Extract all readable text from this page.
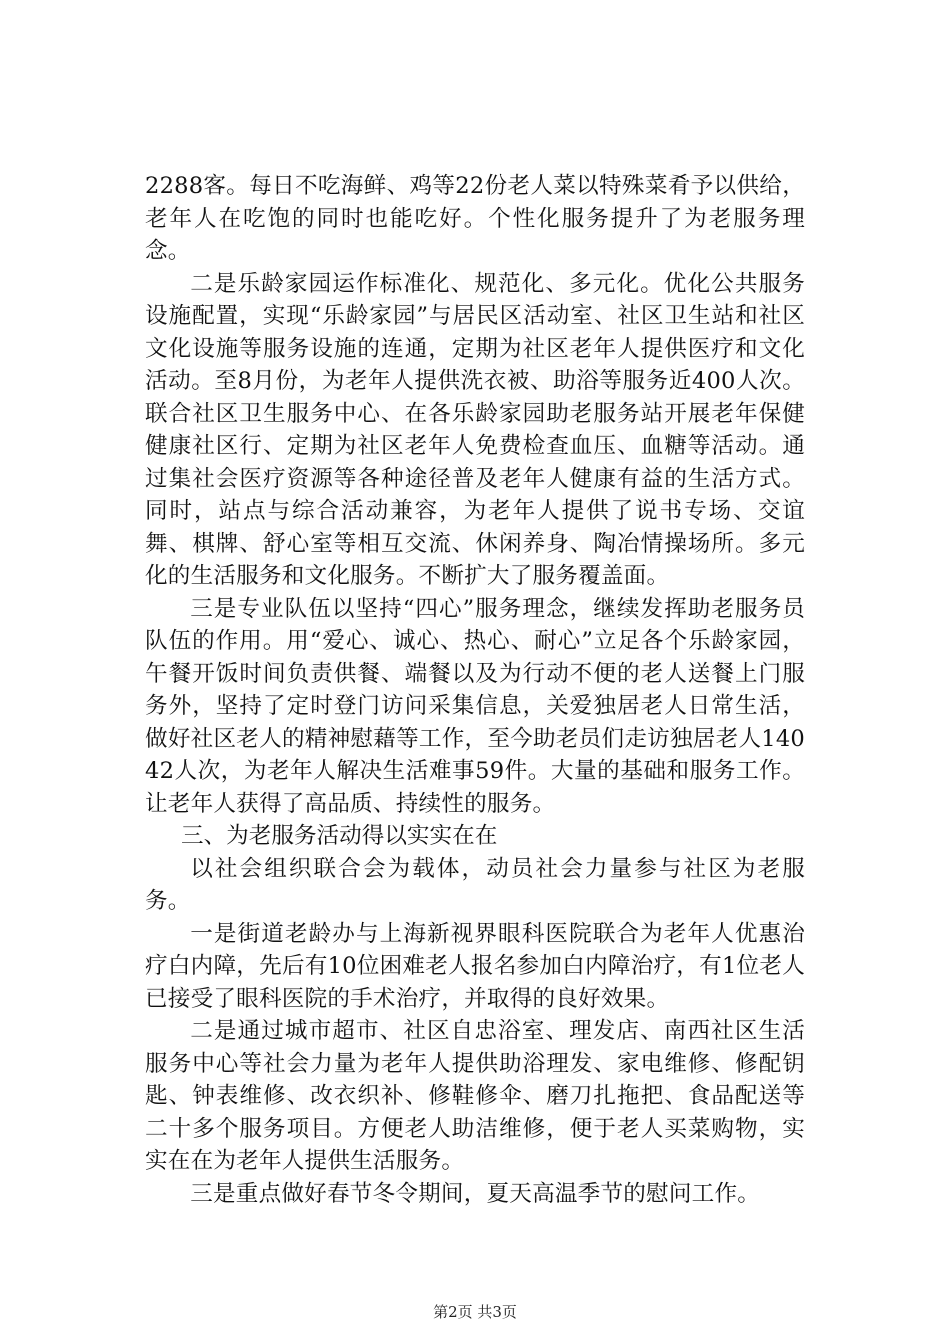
2288客。每日不吃海鲜、鸡等22份老人菜以特殊菜肴予以供给，老年人在吃饱的同时也能吃好。个性化服务提升了为老服务理念。

二是乐龄家园运作标准化、规范化、多元化。优化公共服务设施配置，实现“乐龄家园”与居民区活动室、社区卫生站和社区文化设施等服务设施的连通，定期为社区老年人提供医疗和文化活动。至8月份，为老年人提供洗衣被、助浴等服务近400人次。联合社区卫生服务中心、在各乐龄家园助老服务站开展老年保健健康社区行、定期为社区老年人免费检查血压、血糖等活动。通过集社会医疗资源等各种途径普及老年人健康有益的生活方式。同时，站点与综合活动兼容，为老年人提供了说书专场、交谊舞、棋牌、舒心室等相互交流、休闲养身、陶冶情操场所。多元化的生活服务和文化服务。不断扩大了服务覆盖面。

三是专业队伍以坚持“四心”服务理念，继续发挥助老服务员队伍的作用。用“爱心、诚心、热心、耐心”立足各个乐龄家园，午餐开饭时间负责供餐、端餐以及为行动不便的老人送餐上门服务外，坚持了定时登门访问采集信息，关爱独居老人日常生活，做好社区老人的精神慰藉等工作，至今助老员们走访独居老人14042人次，为老年人解决生活难事59件。大量的基础和服务工作。让老年人获得了高品质、持续性的服务。

三、为老服务活动得以实实在在

以社会组织联合会为载体，动员社会力量参与社区为老服务。

一是街道老龄办与上海新视界眼科医院联合为老年人优惠治疗白内障，先后有10位困难老人报名参加白内障治疗，有1位老人已接受了眼科医院的手术治疗，并取得的良好效果。

二是通过城市超市、社区自忠浴室、理发店、南西社区生活服务中心等社会力量为老年人提供助浴理发、家电维修、修配钥匙、钟表维修、改衣织补、修鞋修伞、磨刀扎拖把、食品配送等二十多个服务项目。方便老人助洁维修，便于老人买菜购物，实实在在为老年人提供生活服务。

三是重点做好春节冬令期间，夏天高温季节的慰问工作。

第2页 共3页
